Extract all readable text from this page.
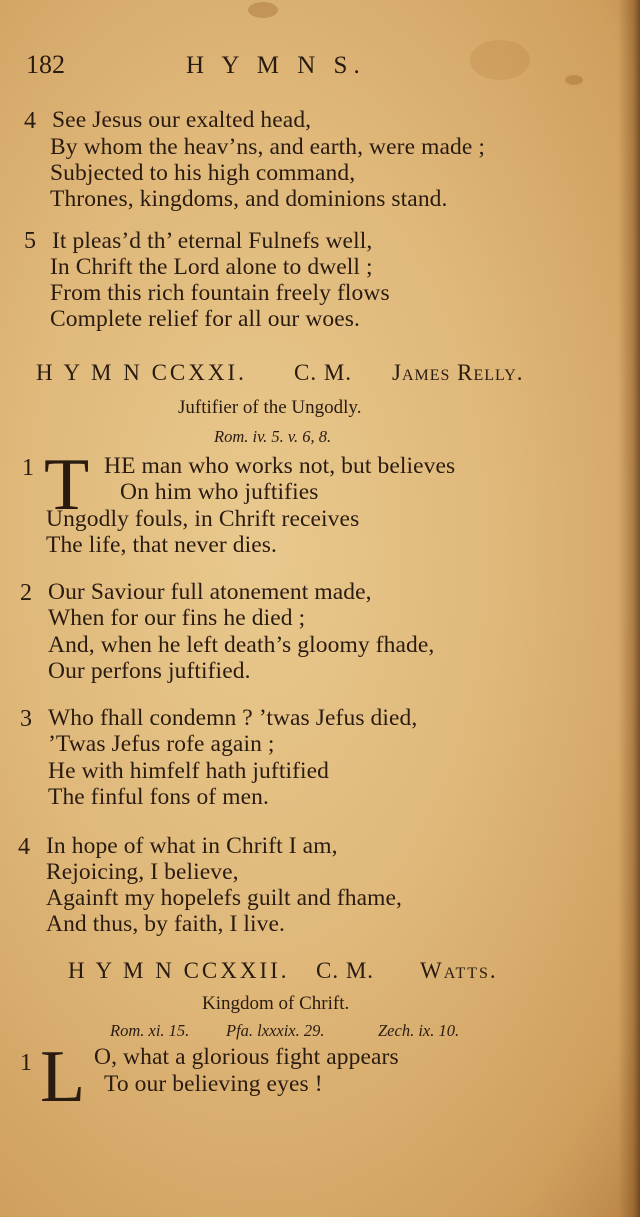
182	H Y M N S.
4 See Jesus our exalted head,
By whom the heav’ns, and earth, were made ;
Subjected to his high command,
Thrones, kingdoms, and dominions stand.
5 It pleas’d th’ eternal Fulnefs well,
In Chrift the Lord alone to dwell ;
From this rich fountain freely flows
Complete relief for all our woes.
H Y M N CCXXI. C. M. James Relly.
Juftifier of the Ungodly.
Rom. iv. 5. v. 6, 8.
1 T HE man who works not, but believes
On him who juftifies
Ungodly fouls, in Chrift receives
The life, that never dies.
2 Our Saviour full atonement made,
When for our fins he died ;
And, when he left death’s gloomy fhade,
Our perfons juftified.
3 Who fhall condemn ? ’twas Jefus died,
’Twas Jefus rofe again ;
He with himfelf hath juftified
The finful fons of men.
4 In hope of what in Chrift I am,
Rejoicing, I believe,
Againft my hopelefs guilt and fhame,
And thus, by faith, I live.
H Y M N CCXXII. C. M. Watts.
Kingdom of Chrift.
Rom. xi. 15. Pfa. lxxxix. 29.	Zech. ix. 10.
1 L O, what a glorious fight appears
To our believing eyes !
